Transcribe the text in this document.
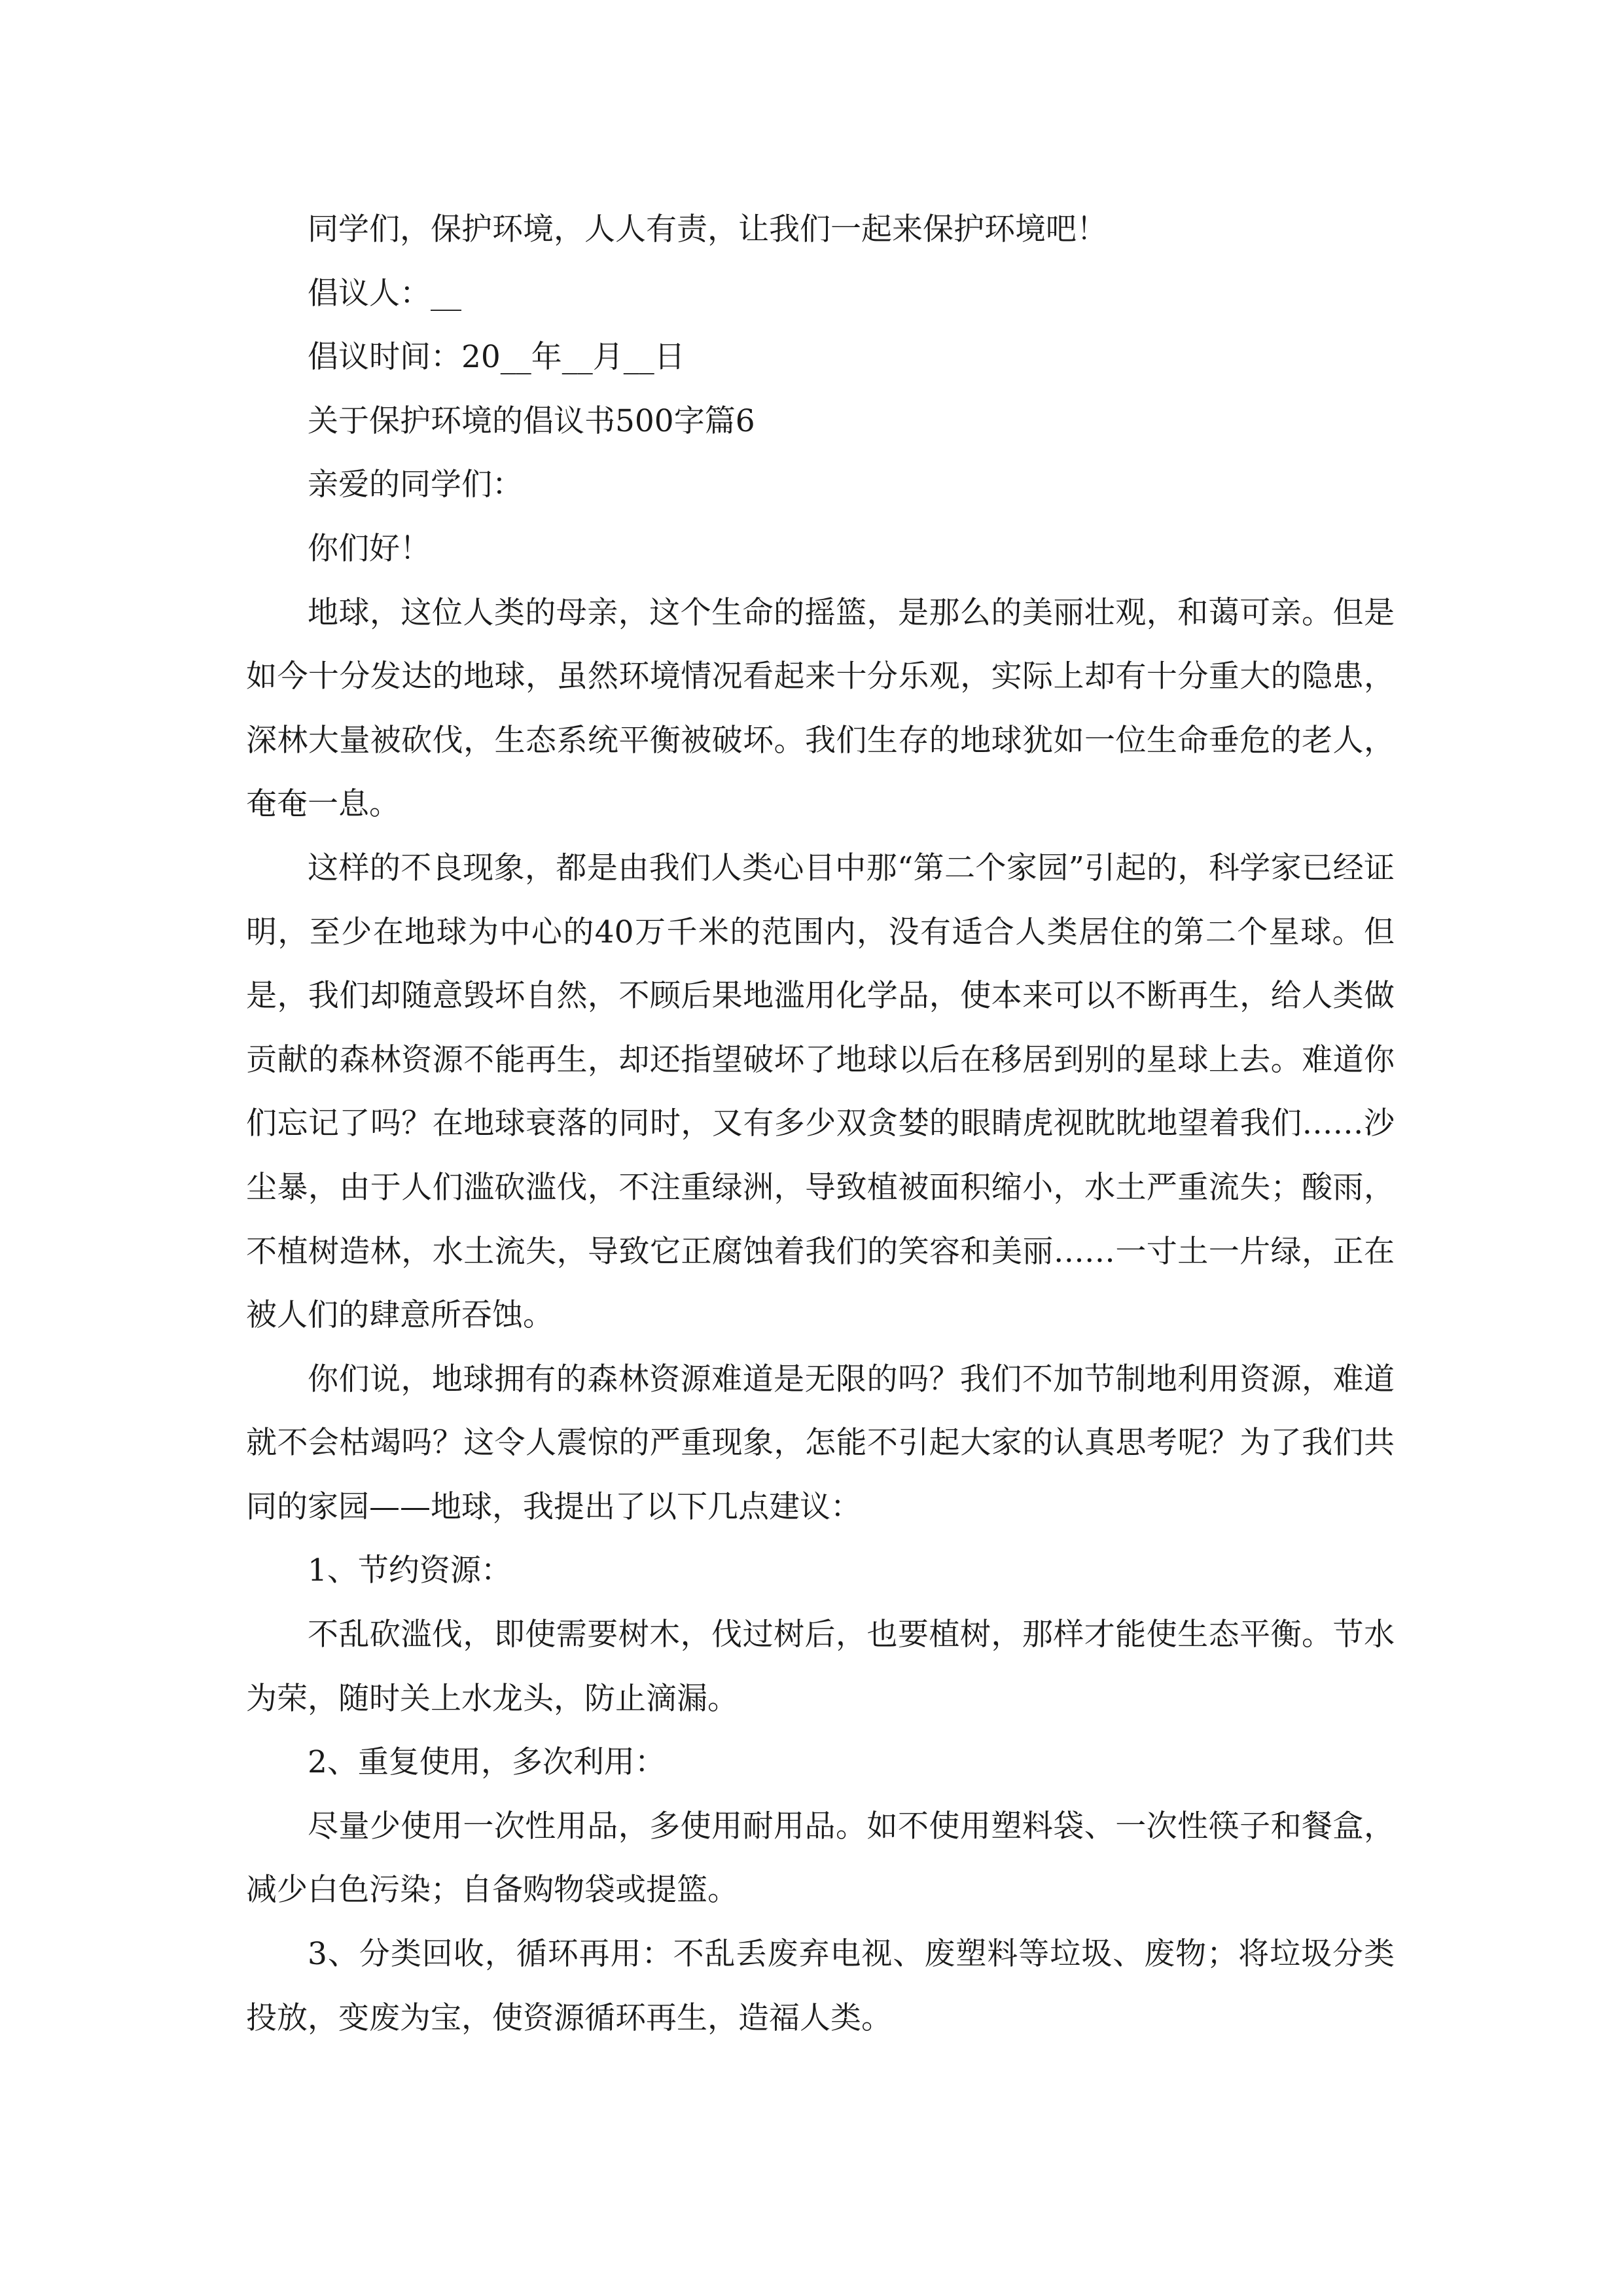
同学们，保护环境，人人有责，让我们一起来保护环境吧！

倡议人：__

倡议时间：20__年__月__日

关于保护环境的倡议书500字篇6

亲爱的同学们：

你们好！

地球，这位人类的母亲，这个生命的摇篮，是那么的美丽壮观，和蔼可亲。但是如今十分发达的地球，虽然环境情况看起来十分乐观，实际上却有十分重大的隐患，深林大量被砍伐，生态系统平衡被破坏。我们生存的地球犹如一位生命垂危的老人，奄奄一息。

这样的不良现象，都是由我们人类心目中那“第二个家园”引起的，科学家已经证明，至少在地球为中心的40万千米的范围内，没有适合人类居住的第二个星球。但是，我们却随意毁坏自然，不顾后果地滥用化学品，使本来可以不断再生，给人类做贡献的森林资源不能再生，却还指望破坏了地球以后在移居到别的星球上去。难道你们忘记了吗？在地球衰落的同时，又有多少双贪婪的眼睛虎视眈眈地望着我们……沙尘暴，由于人们滥砍滥伐，不注重绿洲，导致植被面积缩小，水土严重流失；酸雨，不植树造林，水土流失，导致它正腐蚀着我们的笑容和美丽……一寸土一片绿，正在被人们的肆意所吞蚀。

你们说，地球拥有的森林资源难道是无限的吗？我们不加节制地利用资源，难道就不会枯竭吗？这令人震惊的严重现象，怎能不引起大家的认真思考呢？为了我们共同的家园——地球，我提出了以下几点建议：

1、节约资源：

不乱砍滥伐，即使需要树木，伐过树后，也要植树，那样才能使生态平衡。节水为荣，随时关上水龙头，防止滴漏。

2、重复使用，多次利用：

尽量少使用一次性用品，多使用耐用品。如不使用塑料袋、一次性筷子和餐盒，减少白色污染；自备购物袋或提篮。

3、分类回收，循环再用：不乱丢废弃电视、废塑料等垃圾、废物；将垃圾分类投放，变废为宝，使资源循环再生，造福人类。
